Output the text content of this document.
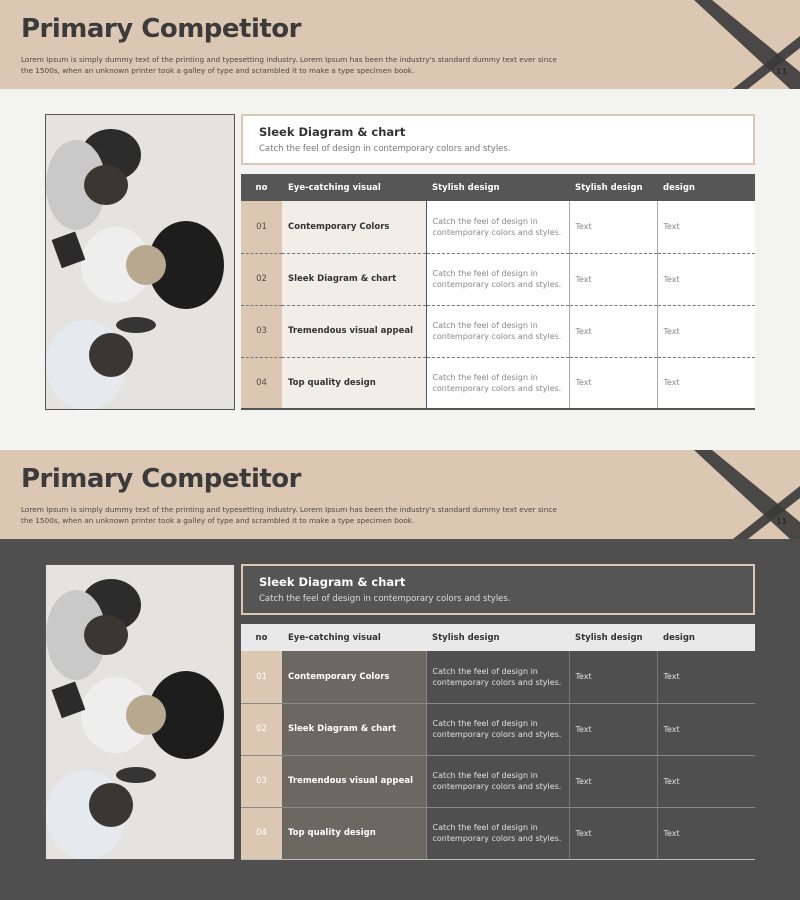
Primary Competitor

Lorem Ipsum is simply dummy text of the printing and typesetting industry. Lorem Ipsum has been the industry's standard dummy text ever since the 1500s, when an unknown printer took a galley of type and scrambled it to make a type specimen book.	11
Sleek Diagram & chart
Catch the feel of design in contemporary colors and styles.
no	Eye-catching visual	Stylish design	Stylish design	design
01	Contemporary Colors	Catch the feel of design in contemporary colors and styles.	Text	Text
02	Sleek Diagram & chart	Catch the feel of design in contemporary colors and styles.	Text	Text
03	Tremendous visual appeal	Catch the feel of design in contemporary colors and styles.	Text	Text
04	Top quality design	Catch the feel of design in contemporary colors and styles.	Text	Text
Primary Competitor

Lorem Ipsum is simply dummy text of the printing and typesetting industry. Lorem Ipsum has been the industry's standard dummy text ever since the 1500s, when an unknown printer took a galley of type and scrambled it to make a type specimen book.	11
Sleek Diagram & chart
Catch the feel of design in contemporary colors and styles.
no	Eye-catching visual	Stylish design	Stylish design	design
01	Contemporary Colors	Catch the feel of design in contemporary colors and styles.	Text	Text
02	Sleek Diagram & chart	Catch the feel of design in contemporary colors and styles.	Text	Text
03	Tremendous visual appeal	Catch the feel of design in contemporary colors and styles.	Text	Text
04	Top quality design	Catch the feel of design in contemporary colors and styles.	Text	Text
